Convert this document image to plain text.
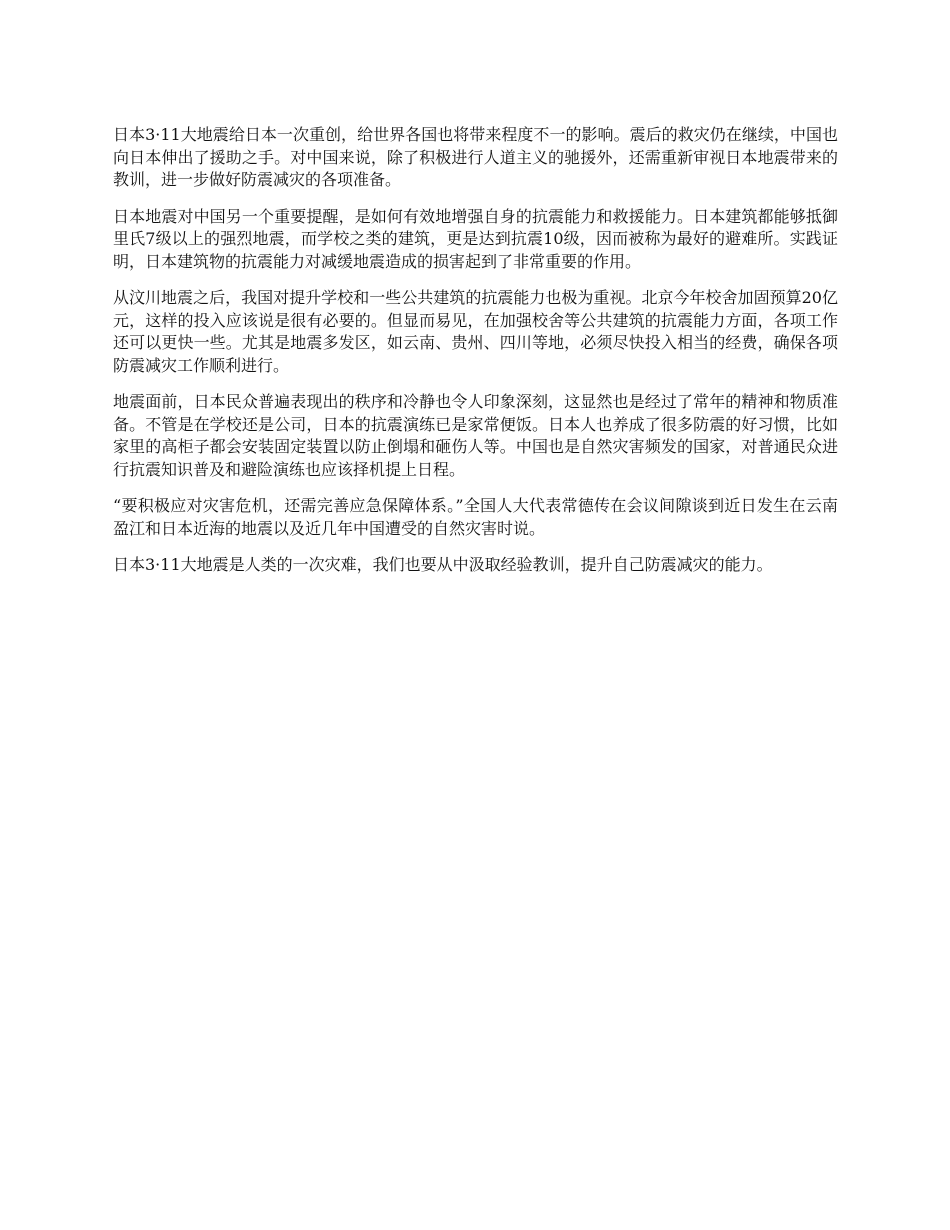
日本3·11大地震给日本一次重创，给世界各国也将带来程度不一的影响。震后的救灾仍在继续，中国也向日本伸出了援助之手。对中国来说，除了积极进行人道主义的驰援外，还需重新审视日本地震带来的教训，进一步做好防震减灾的各项准备。

日本地震对中国另一个重要提醒，是如何有效地增强自身的抗震能力和救援能力。日本建筑都能够抵御里氏7级以上的强烈地震，而学校之类的建筑，更是达到抗震10级，因而被称为最好的避难所。实践证明，日本建筑物的抗震能力对减缓地震造成的损害起到了非常重要的作用。

从汶川地震之后，我国对提升学校和一些公共建筑的抗震能力也极为重视。北京今年校舍加固预算20亿元，这样的投入应该说是很有必要的。但显而易见，在加强校舍等公共建筑的抗震能力方面，各项工作还可以更快一些。尤其是地震多发区，如云南、贵州、四川等地，必须尽快投入相当的经费，确保各项防震减灾工作顺利进行。

地震面前，日本民众普遍表现出的秩序和冷静也令人印象深刻，这显然也是经过了常年的精神和物质准备。不管是在学校还是公司，日本的抗震演练已是家常便饭。日本人也养成了很多防震的好习惯，比如家里的高柜子都会安装固定装置以防止倒塌和砸伤人等。中国也是自然灾害频发的国家，对普通民众进行抗震知识普及和避险演练也应该择机提上日程。

“要积极应对灾害危机，还需完善应急保障体系。”全国人大代表常德传在会议间隙谈到近日发生在云南盈江和日本近海的地震以及近几年中国遭受的自然灾害时说。

日本3·11大地震是人类的一次灾难，我们也要从中汲取经验教训，提升自己防震减灾的能力。
